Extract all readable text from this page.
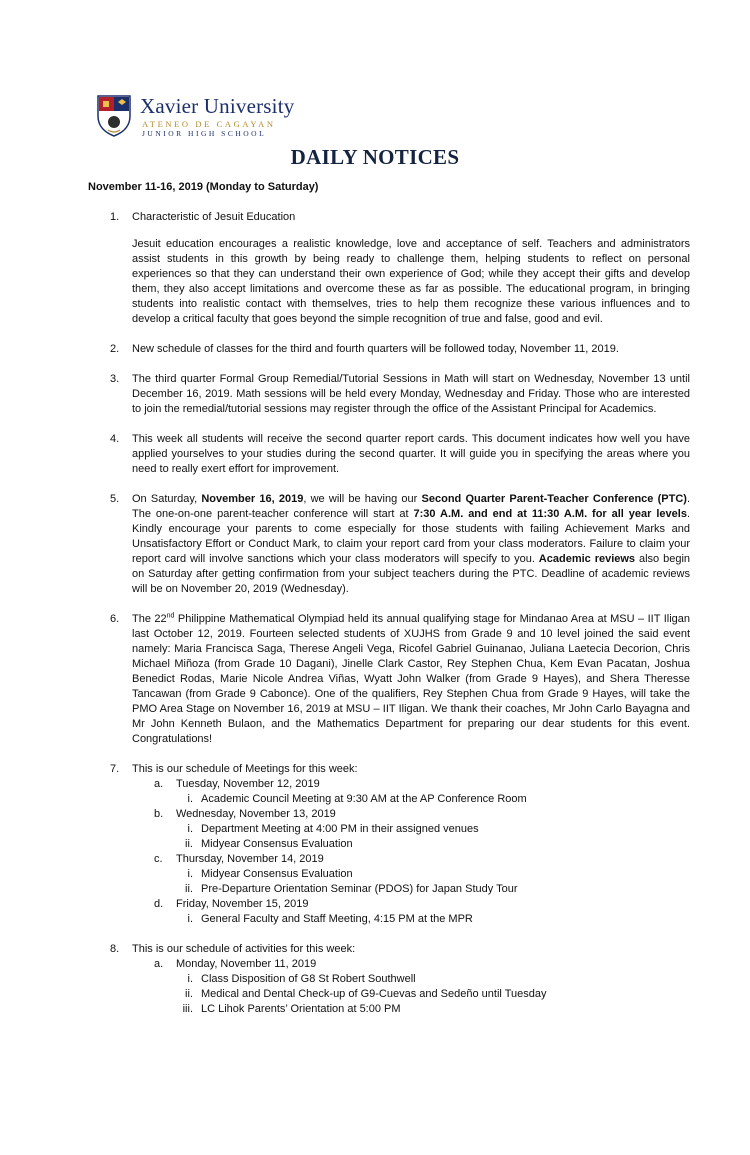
Xavier University
ATENEO DE CAGAYAN
JUNIOR HIGH SCHOOL
DAILY NOTICES
November 11-16, 2019 (Monday to Saturday)
1. Characteristic of Jesuit Education
Jesuit education encourages a realistic knowledge, love and acceptance of self. Teachers and administrators assist students in this growth by being ready to challenge them, helping students to reflect on personal experiences so that they can understand their own experience of God; while they accept their gifts and develop them, they also accept limitations and overcome these as far as possible. The educational program, in bringing students into realistic contact with themselves, tries to help them recognize these various influences and to develop a critical faculty that goes beyond the simple recognition of true and false, good and evil.
2. New schedule of classes for the third and fourth quarters will be followed today, November 11, 2019.
3. The third quarter Formal Group Remedial/Tutorial Sessions in Math will start on Wednesday, November 13 until December 16, 2019. Math sessions will be held every Monday, Wednesday and Friday. Those who are interested to join the remedial/tutorial sessions may register through the office of the Assistant Principal for Academics.
4. This week all students will receive the second quarter report cards. This document indicates how well you have applied yourselves to your studies during the second quarter. It will guide you in specifying the areas where you need to really exert effort for improvement.
5. On Saturday, November 16, 2019, we will be having our Second Quarter Parent-Teacher Conference (PTC). The one-on-one parent-teacher conference will start at 7:30 A.M. and end at 11:30 A.M. for all year levels. Kindly encourage your parents to come especially for those students with failing Achievement Marks and Unsatisfactory Effort or Conduct Mark, to claim your report card from your class moderators. Failure to claim your report card will involve sanctions which your class moderators will specify to you. Academic reviews also begin on Saturday after getting confirmation from your subject teachers during the PTC. Deadline of academic reviews will be on November 20, 2019 (Wednesday).
6. The 22nd Philippine Mathematical Olympiad held its annual qualifying stage for Mindanao Area at MSU – IIT Iligan last October 12, 2019. Fourteen selected students of XUJHS from Grade 9 and 10 level joined the said event namely: Maria Francisca Saga, Therese Angeli Vega, Ricofel Gabriel Guinanao, Juliana Laetecia Decorion, Chris Michael Miñoza (from Grade 10 Dagani), Jinelle Clark Castor, Rey Stephen Chua, Kem Evan Pacatan, Joshua Benedict Rodas, Marie Nicole Andrea Viñas, Wyatt John Walker (from Grade 9 Hayes), and Shera Theresse Tancawan (from Grade 9 Cabonce). One of the qualifiers, Rey Stephen Chua from Grade 9 Hayes, will take the PMO Area Stage on November 16, 2019 at MSU – IIT Iligan. We thank their coaches, Mr John Carlo Bayagna and Mr John Kenneth Bulaon, and the Mathematics Department for preparing our dear students for this event. Congratulations!
7. This is our schedule of Meetings for this week:
a. Tuesday, November 12, 2019
i. Academic Council Meeting at 9:30 AM at the AP Conference Room
b. Wednesday, November 13, 2019
i. Department Meeting at 4:00 PM in their assigned venues
ii. Midyear Consensus Evaluation
c. Thursday, November 14, 2019
i. Midyear Consensus Evaluation
ii. Pre-Departure Orientation Seminar (PDOS) for Japan Study Tour
d. Friday, November 15, 2019
i. General Faculty and Staff Meeting, 4:15 PM at the MPR
8. This is our schedule of activities for this week:
a. Monday, November 11, 2019
i. Class Disposition of G8 St Robert Southwell
ii. Medical and Dental Check-up of G9-Cuevas and Sedeño until Tuesday
iii. LC Lihok Parents’ Orientation at 5:00 PM
